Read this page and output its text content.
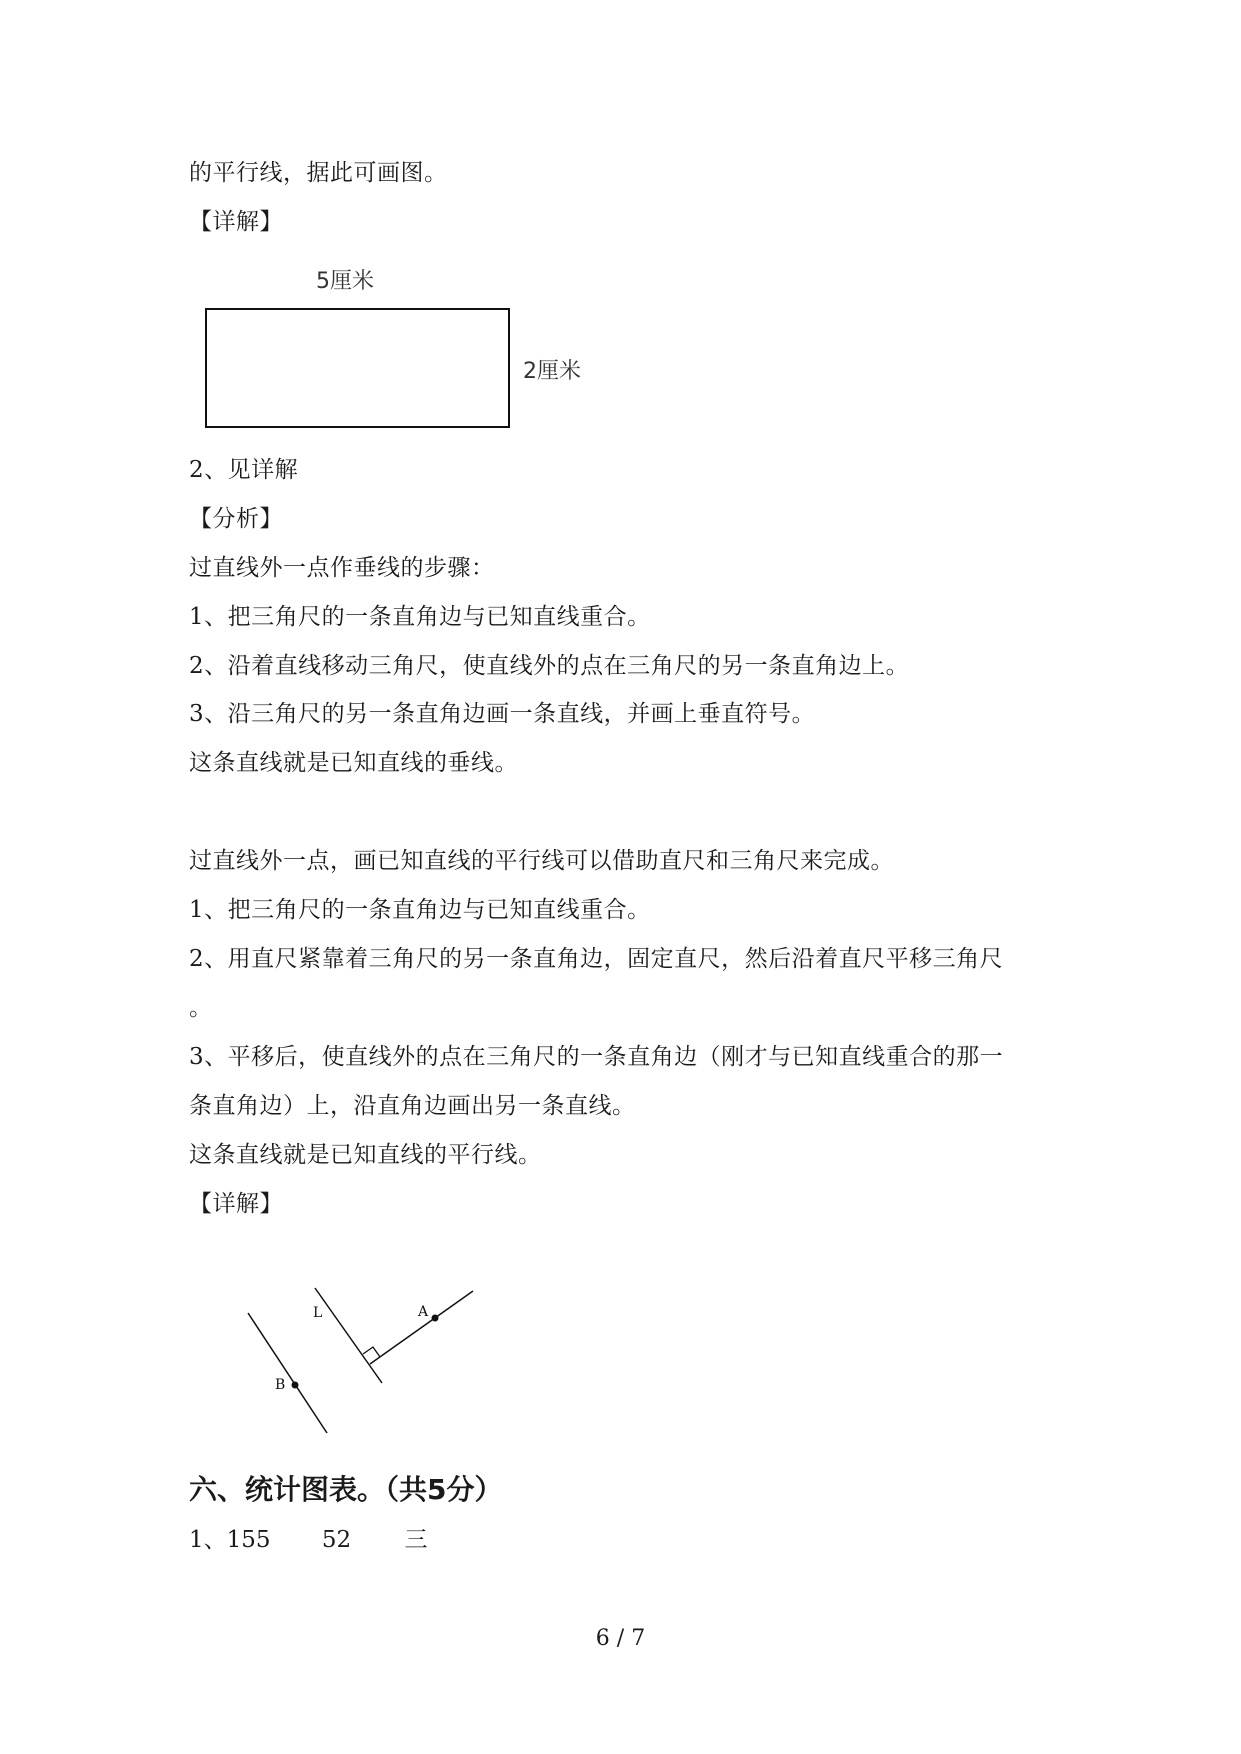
的平行线，据此可画图。
【详解】
5厘米
2厘米
2、见详解
【分析】
过直线外一点作垂线的步骤：
1、把三角尺的一条直角边与已知直线重合。
2、沿着直线移动三角尺，使直线外的点在三角尺的另一条直角边上。
3、沿三角尺的另一条直角边画一条直线，并画上垂直符号。
这条直线就是已知直线的垂线。
过直线外一点，画已知直线的平行线可以借助直尺和三角尺来完成。
1、把三角尺的一条直角边与已知直线重合。
2、用直尺紧靠着三角尺的另一条直角边，固定直尺，然后沿着直尺平移三角尺
。
3、平移后，使直线外的点在三角尺的一条直角边（刚才与已知直线重合的那一
条直角边）上，沿直角边画出另一条直线。
这条直线就是已知直线的平行线。
【详解】
L	A
B
六、统计图表。（共5分）
1、155 52 三
6 / 7
